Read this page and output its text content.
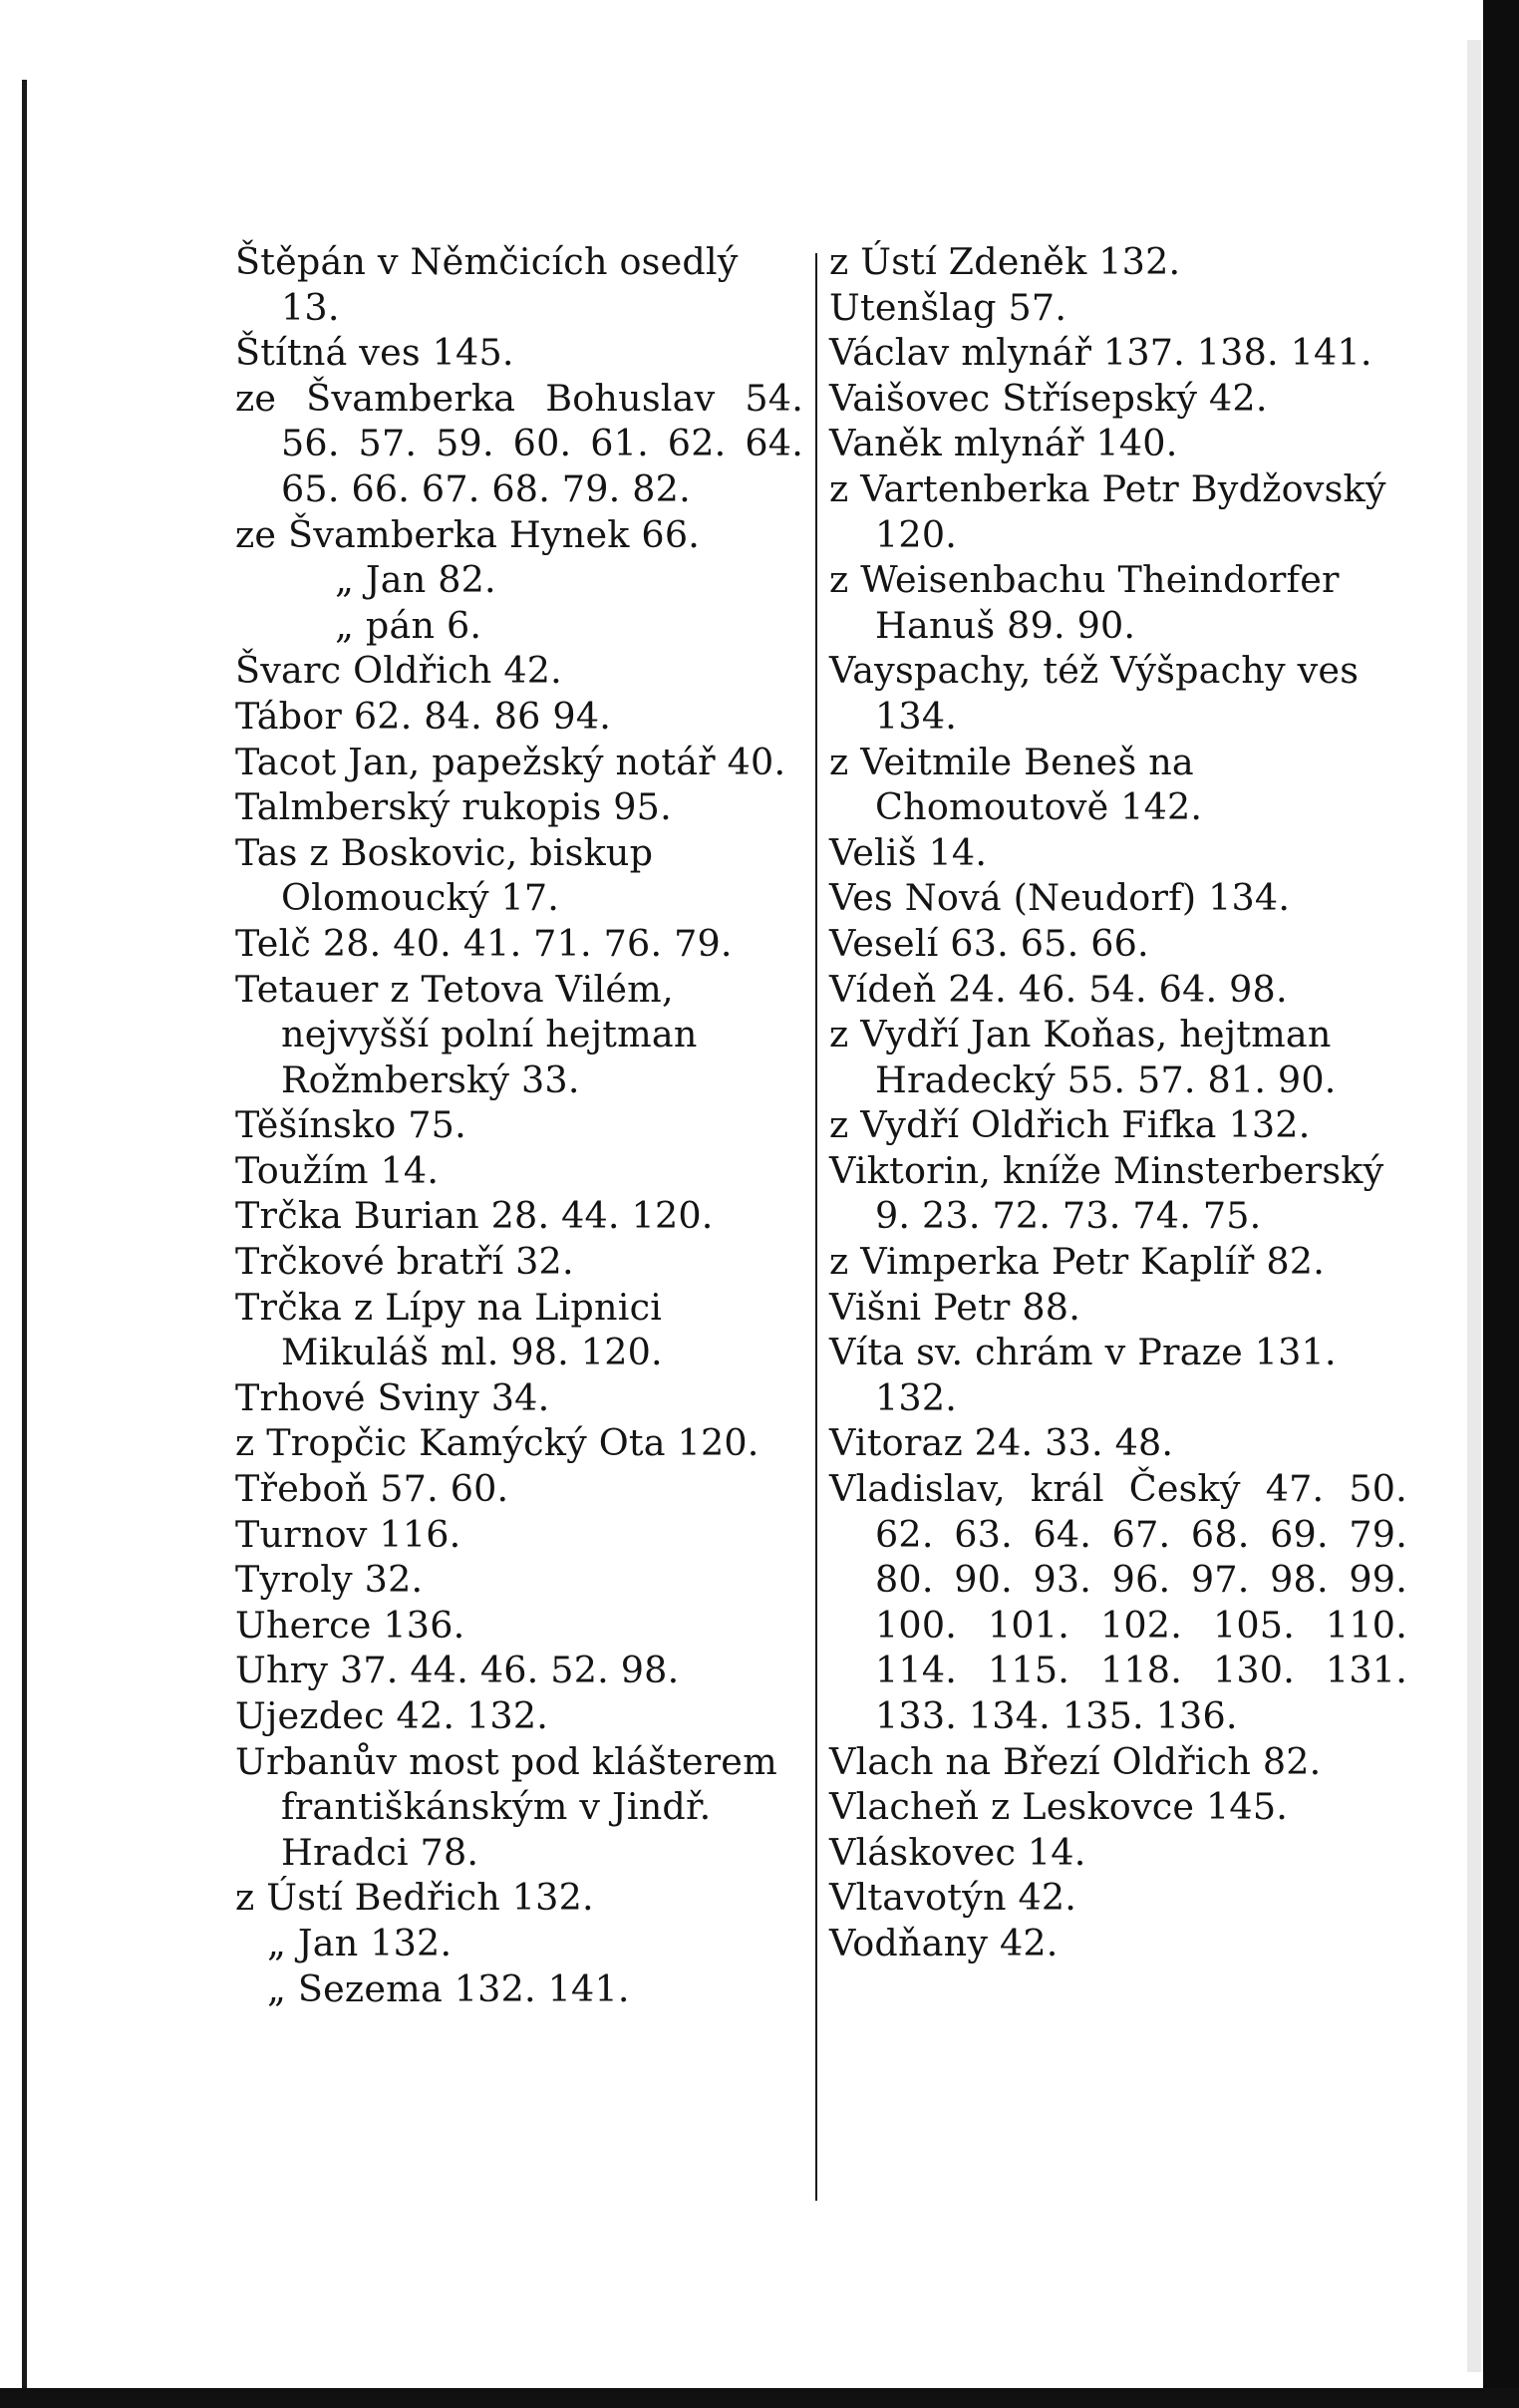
Štěpán v Němčicích osedlý 13.
Štítná ves 145.
ze Švamberka Bohuslav 54. 56. 57. 59. 60. 61. 62. 64. 65. 66. 67. 68. 79. 82.
ze Švamberka Hynek 66.
„ Jan 82.
„ pán 6.
Švarc Oldřich 42.
Tábor 62. 84. 86 94.
Tacot Jan, papežský notář 40.
Talmberský rukopis 95.
Tas z Boskovic, biskup Olomoucký 17.
Telč 28. 40. 41. 71. 76. 79.
Tetauer z Tetova Vilém, nejvyšší polní hejtman Rožmberský 33.
Těšínsko 75.
Toužím 14.
Trčka Burian 28. 44. 120.
Trčkové bratří 32.
Trčka z Lípy na Lipnici Mikuláš ml. 98. 120.
Trhové Sviny 34.
z Tropčic Kamýcký Ota 120.
Třeboň 57. 60.
Turnov 116.
Tyroly 32.
Uherce 136.
Uhry 37. 44. 46. 52. 98.
Ujezdec 42. 132.
Urbanův most pod klášterem františkánským v Jindř. Hradci 78.
z Ústí Bedřich 132.
„ Jan 132.
„ Sezema 132. 141.
z Ústí Zdeněk 132.
Utenšlag 57.
Václav mlynář 137. 138. 141.
Vaišovec Střísepský 42.
Vaněk mlynář 140.
z Vartenberka Petr Bydžovský 120.
z Weisenbachu Theindorfer Hanuš 89. 90.
Vayspachy, též Výšpachy ves 134.
z Veitmile Beneš na Chomoutově 142.
Veliš 14.
Ves Nová (Neudorf) 134.
Veselí 63. 65. 66.
Vídeň 24. 46. 54. 64. 98.
z Vydří Jan Koňas, hejtman Hradecký 55. 57. 81. 90.
z Vydří Oldřich Fifka 132.
Viktorin, kníže Minsterberský 9. 23. 72. 73. 74. 75.
z Vimperka Petr Kaplíř 82.
Višni Petr 88.
Víta sv. chrám v Praze 131. 132.
Vitoraz 24. 33. 48.
Vladislav, král Český 47. 50. 62. 63. 64. 67. 68. 69. 79. 80. 90. 93. 96. 97. 98. 99. 100. 101. 102. 105. 110. 114. 115. 118. 130. 131. 133. 134. 135. 136.
Vlach na Březí Oldřich 82.
Vlacheň z Leskovce 145.
Vláskovec 14.
Vltavotýn 42.
Vodňany 42.
